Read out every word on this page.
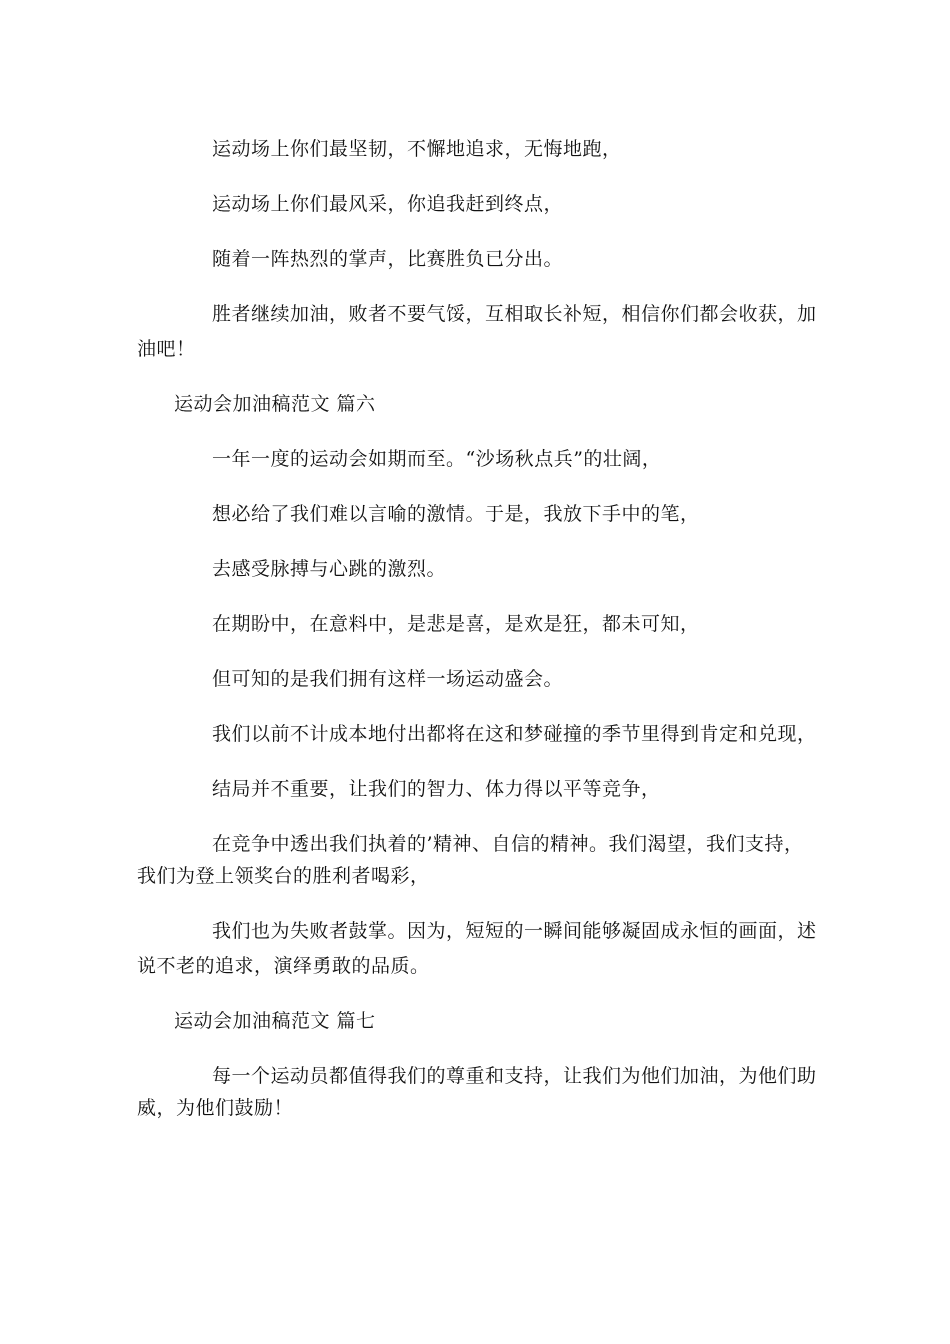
运动场上你们最坚韧，不懈地追求，无悔地跑，
运动场上你们最风采，你追我赶到终点，
随着一阵热烈的掌声，比赛胜负已分出。
胜者继续加油，败者不要气馁，互相取长补短，相信你们都会收获，加
油吧！
运动会加油稿范文 篇六
一年一度的运动会如期而至。“沙场秋点兵”的壮阔，
想必给了我们难以言喻的激情。于是，我放下手中的笔，
去感受脉搏与心跳的激烈。
在期盼中，在意料中，是悲是喜，是欢是狂，都未可知，
但可知的是我们拥有这样一场运动盛会。
我们以前不计成本地付出都将在这和梦碰撞的季节里得到肯定和兑现，
结局并不重要，让我们的智力、体力得以平等竞争，
在竞争中透出我们执着的’精神、自信的精神。我们渴望，我们支持，
我们为登上领奖台的胜利者喝彩，
我们也为失败者鼓掌。因为，短短的一瞬间能够凝固成永恒的画面，述
说不老的追求，演绎勇敢的品质。
运动会加油稿范文 篇七
每一个运动员都值得我们的尊重和支持，让我们为他们加油，为他们助
威，为他们鼓励！
